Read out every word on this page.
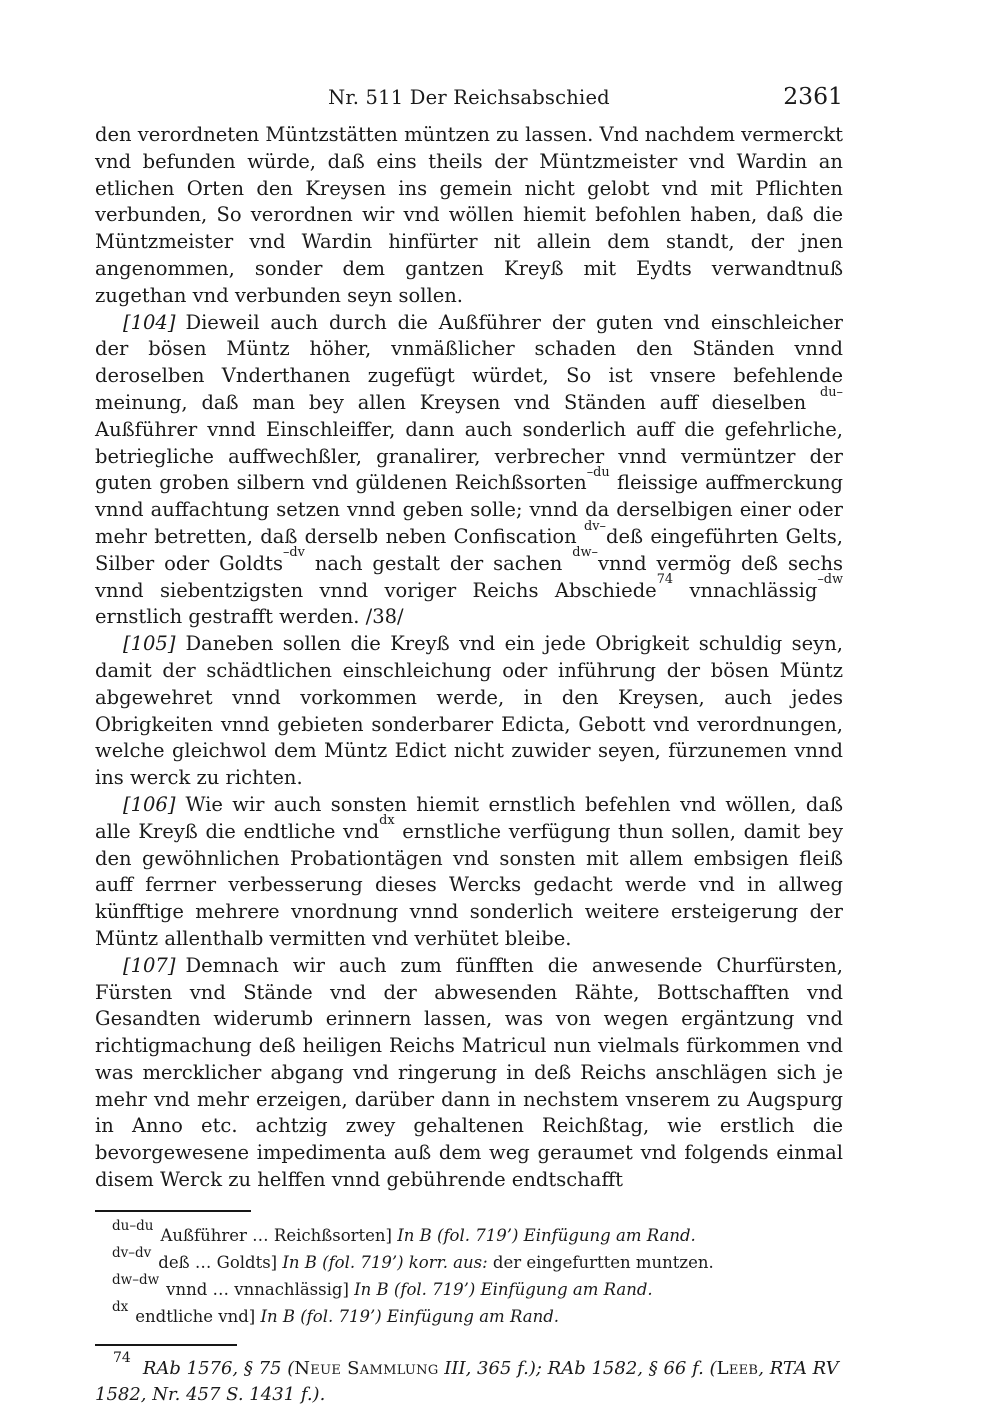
Nr. 511 Der Reichsabschied	2361
den verordneten Müntzstätten müntzen zu lassen. Vnd nachdem vermerckt vnd befunden würde, daß eins theils der Müntzmeister vnd Wardin an etlichen Orten den Kreysen ins gemein nicht gelobt vnd mit Pflichten verbunden, So verordnen wir vnd wöllen hiemit befohlen haben, daß die Müntzmeister vnd Wardin hinfürter nit allein dem standt, der jnen angenommen, sonder dem gantzen Kreyß mit Eydts verwandtnuß zugethan vnd verbunden seyn sollen.
[104] Dieweil auch durch die Außführer der guten vnd einschleicher der bösen Müntz höher, vnmäßlicher schaden den Ständen vnnd deroselben Vnderthanen zugefügt würdet, So ist vnsere befehlende meinung, daß man bey allen Kreysen vnd Ständen auff dieselben $^{du-}$Außführer vnnd Einschleiffer, dann auch sonderlich auff die gefehrliche, betriegliche auffwechßler, granalirer, verbrecher vnnd vermüntzer der guten groben silbern vnd güldenen Reichßsorten$^{-du}$ fleissige auffmerckung vnnd auffachtung setzen vnnd geben solle; vnnd da derselbigen einer oder mehr betretten, daß derselb neben Confiscation $^{dv-}$deß eingeführten Gelts, Silber oder Goldts$^{-dv}$ nach gestalt der sachen $^{dw-}$vnnd vermög deß sechs vnnd siebentzigsten vnnd voriger Reichs Abschiede$^{74}$ vnnachlässig$^{-dw}$ ernstlich gestrafft werden. /38/
[105] Daneben sollen die Kreyß vnd ein jede Obrigkeit schuldig seyn, damit der schädtlichen einschleichung oder inführung der bösen Müntz abgewehret vnnd vorkommen werde, in den Kreysen, auch jedes Obrigkeiten vnnd gebieten sonderbarer Edicta, Gebott vnd verordnungen, welche gleichwol dem Müntz Edict nicht zuwider seyen, fürzunemen vnnd ins werck zu richten.
[106] Wie wir auch sonsten hiemit ernstlich befehlen vnd wöllen, daß alle Kreyß die endtliche vnd$^{dx}$ ernstliche verfügung thun sollen, damit bey den gewöhnlichen Probationtägen vnd sonsten mit allem embsigen fleiß auff ferrner verbesserung dieses Wercks gedacht werde vnd in allweg künfftige mehrere vnordnung vnnd sonderlich weitere ersteigerung der Müntz allenthalb vermitten vnd verhütet bleibe.
[107] Demnach wir auch zum fünfften die anwesende Churfürsten, Fürsten vnd Stände vnd der abwesenden Rähte, Bottschafften vnd Gesandten widerumb erinnern lassen, was von wegen ergäntzung vnd richtigmachung deß heiligen Reichs Matricul nun vielmals fürkommen vnd was mercklicher abgang vnd ringerung in deß Reichs anschlägen sich je mehr vnd mehr erzeigen, darüber dann in nechstem vnserem zu Augspurg in Anno etc. achtzig zwey gehaltenen Reichßtag, wie erstlich die bevorgewesene impedimenta auß dem weg geraumet vnd folgends einmal disem Werck zu helffen vnnd gebührende endtschafft
$^{du-du}$Außführer … Reichßsorten] In B (fol. 719’) Einfügung am Rand.
$^{dv-dv}$deß … Goldts] In B (fol. 719’) korr. aus: der eingefurtten muntzen.
$^{dw-dw}$vnnd … vnnachlässig] In B (fol. 719’) Einfügung am Rand.
$^{dx}$endtliche vnd] In B (fol. 719’) Einfügung am Rand.
$^{74}$ RAb 1576, § 75 (Neue Sammlung III, 365 f.); RAb 1582, § 66 f. (Leeb, RTA RV 1582, Nr. 457 S. 1431 f.).
